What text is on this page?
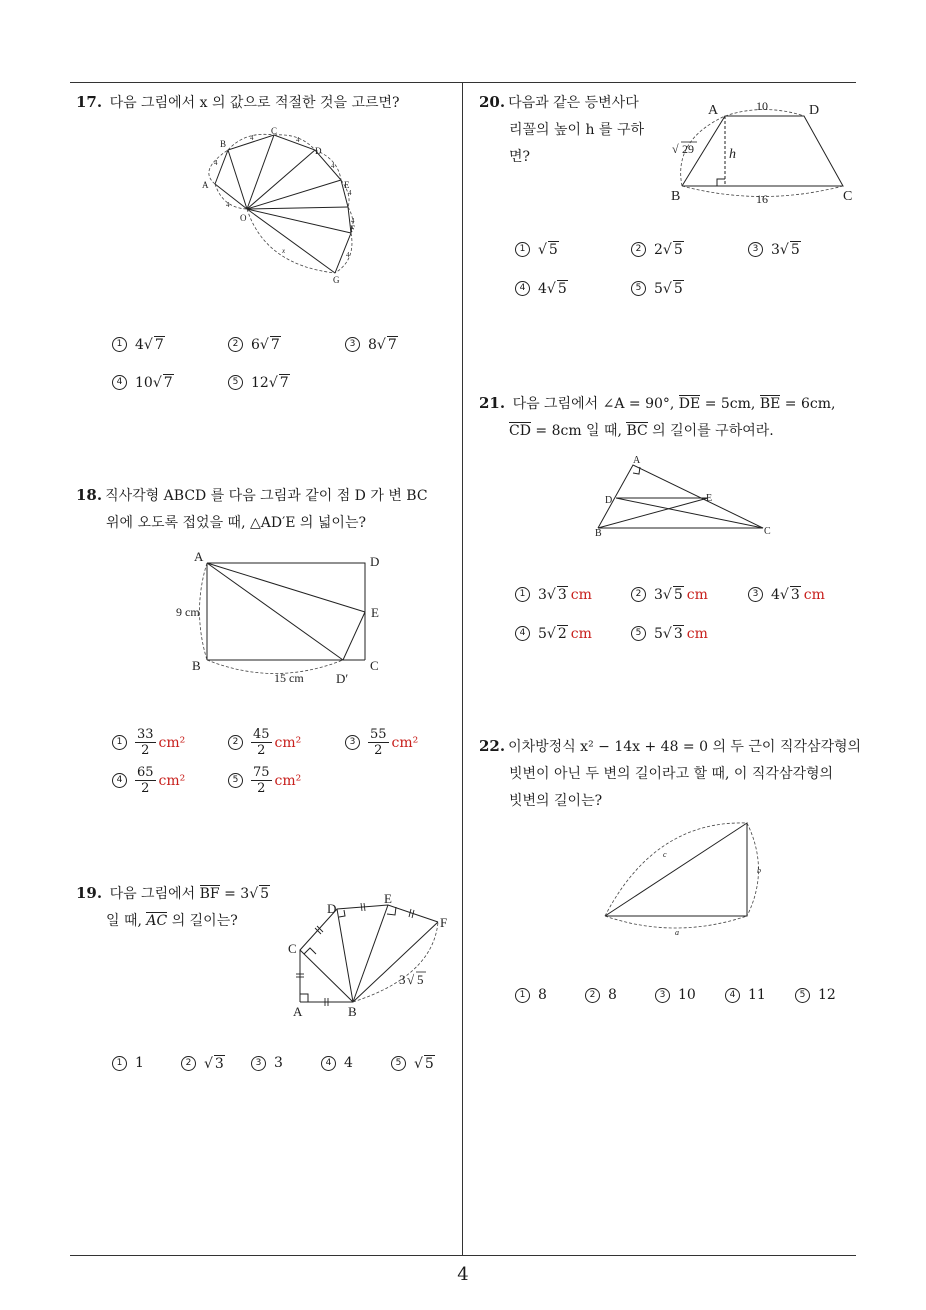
17. 다음 그림에서 x 의 값으로 적절한 것을 고르면?
A
B
C
D
E
F
G
O
4
4	4
4
4
4
4
4
x
1 4 √ 7	2 6 √ 7	3 8 √ 7
4 10 √ 7	5 12 √ 7
18. 직사각형 ABCD 를 다음 그림과 같이 점 D 가 변 BC
위에 오도록 접었을 때, △AD′E 의 넓이는?
A	D
E
B	C
D′
9 cm
15 cm
$1 \frac{33}{2} cm^2$	$2 \frac{45}{2} cm^2$	$3 \frac{55}{2} cm^2$
$4 \frac{65}{2} cm^2$	$5 \frac{75}{2} cm^2$
19. 다음 그림에서 BF = 3√ 5
일 때, AC 의 길이는?
A	B
C
D
E
F
3 √ 5
1 1	2 √ 3	3 3	4 4	5 √ 5
20. 다음과 같은 등변사다
리꼴의 높이 h 를 구하
면?
A	D
B	C
10
16
h
√ 29
1 √ 5	2 2 √ 5	3 3 √ 5
4 4 √ 5	5 5 √ 5
21. 다음 그림에서 ∠A = 90°, DE = 5cm, BE = 6cm,
CD = 8cm 일 때, BC 의 길이를 구하여라.
A
D	E
B	C
1 3 √ 3 cm	2 3 √ 5 cm	3 4 √ 3 cm
4 5 √ 2 cm	5 5 √ 3 cm
22. 이차방정식 x² − 14x + 48 = 0 의 두 근이 직각삼각형의
빗변이 아닌 두 변의 길이라고 할 때, 이 직각삼각형의
빗변의 길이는?
c
b
a
1 8	2 8	3 10	4 11	5 12
4
